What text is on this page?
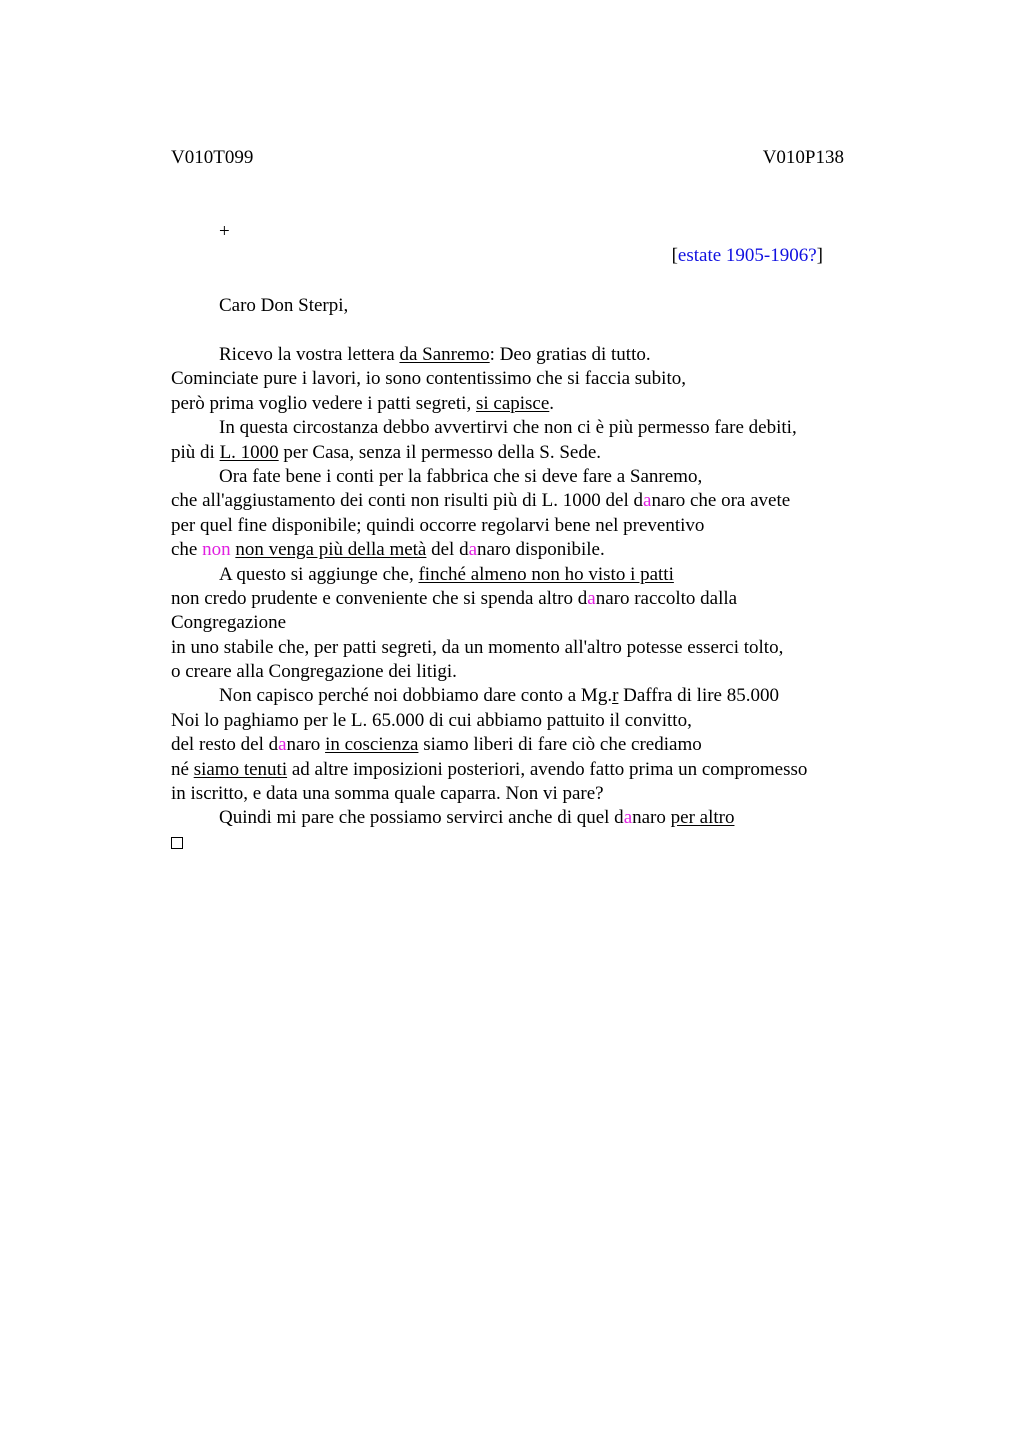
V010T099	V010P138
+
[estate 1905-1906?]
Caro Don Sterpi,
Ricevo la vostra lettera da Sanremo: Deo gratias di tutto.
Cominciate pure i lavori, io sono contentissimo che si faccia subito,
però prima voglio vedere i patti segreti, si capisce.
In questa circostanza debbo avvertirvi che non ci è più permesso fare debiti,
più di L. 1000 per Casa, senza il permesso della S. Sede.
Ora fate bene i conti per la fabbrica che si deve fare a Sanremo,
che all'aggiustamento dei conti non risulti più di L. 1000 del danaro che ora avete
per quel fine disponibile; quindi occorre regolarvi bene nel preventivo
che non non venga più della metà del danaro disponibile.
A questo si aggiunge che, finché almeno non ho visto i patti
non credo prudente e conveniente che si spenda altro danaro raccolto dalla
Congregazione
in uno stabile che, per patti segreti, da un momento all'altro potesse esserci tolto,
o creare alla Congregazione dei litigi.
Non capisco perché noi dobbiamo dare conto a Mg.r Daffra di lire 85.000
Noi lo paghiamo per le L. 65.000 di cui abbiamo pattuito il convitto,
del resto del danaro in coscienza siamo liberi di fare ciò che crediamo
né siamo tenuti ad altre imposizioni posteriori, avendo fatto prima un compromesso
in iscritto, e data una somma quale caparra. Non vi pare?
Quindi mi pare che possiamo servirci anche di quel danaro per altro
